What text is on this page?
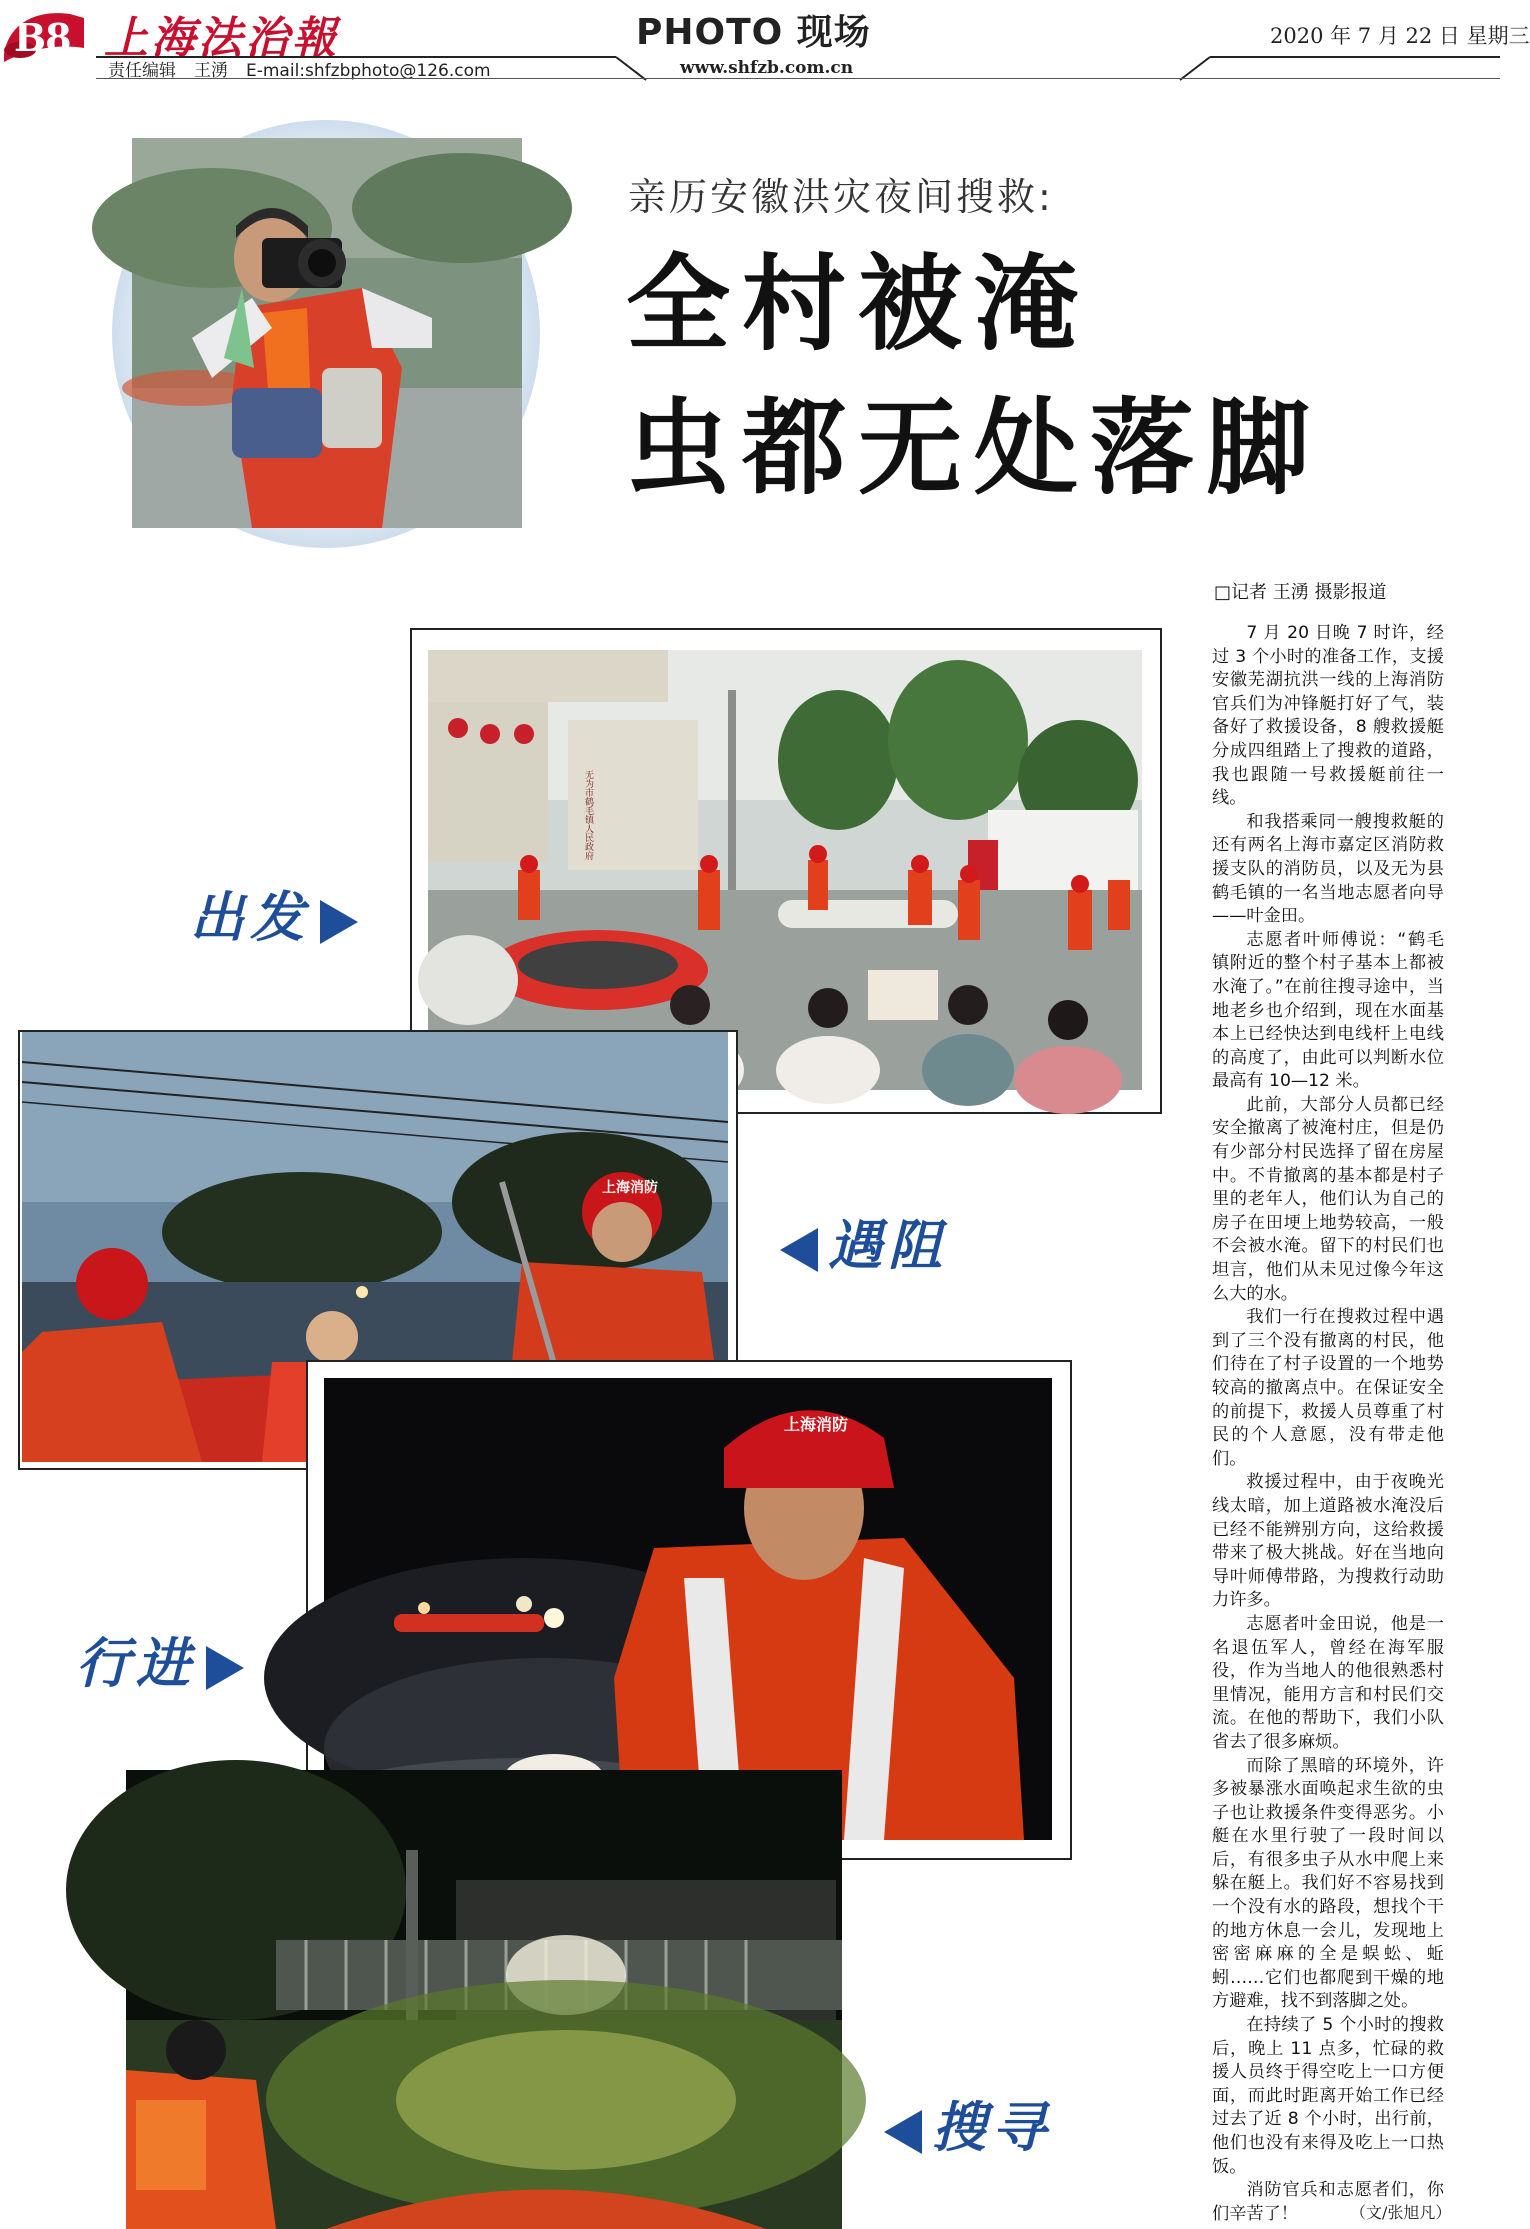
B8 上海法治報
责任编辑 王湧 E-mail:shfzbphoto@126.com
PHOTO 现场
www.shfzb.com.cn
2020 年 7 月 22 日 星期三
亲历安徽洪灾夜间搜救:
全村被淹
虫都无处落脚
无为市鹤毛镇人民政府
出发
上海消防
遇阻
上海消防
行进
搜寻
□记者 王湧 摄影报道

7 月 20 日晚 7 时许，经过 3 个小时的准备工作，支援安徽芜湖抗洪一线的上海消防官兵们为冲锋艇打好了气，装备好了救援设备，8 艘救援艇分成四组踏上了搜救的道路，我也跟随一号救援艇前往一线。

和我搭乘同一艘搜救艇的还有两名上海市嘉定区消防救援支队的消防员，以及无为县鹤毛镇的一名当地志愿者向导——叶金田。

志愿者叶师傅说：“鹤毛镇附近的整个村子基本上都被水淹了。”在前往搜寻途中，当地老乡也介绍到，现在水面基本上已经快达到电线杆上电线的高度了，由此可以判断水位最高有 10—12 米。

此前，大部分人员都已经安全撤离了被淹村庄，但是仍有少部分村民选择了留在房屋中。不肯撤离的基本都是村子里的老年人，他们认为自己的房子在田埂上地势较高，一般不会被水淹。留下的村民们也坦言，他们从未见过像今年这么大的水。

我们一行在搜救过程中遇到了三个没有撤离的村民，他们待在了村子设置的一个地势较高的撤离点中。在保证安全的前提下，救援人员尊重了村民的个人意愿，没有带走他们。

救援过程中，由于夜晚光线太暗，加上道路被水淹没后已经不能辨别方向，这给救援带来了极大挑战。好在当地向导叶师傅带路，为搜救行动助力许多。

志愿者叶金田说，他是一名退伍军人，曾经在海军服役，作为当地人的他很熟悉村里情况，能用方言和村民们交流。在他的帮助下，我们小队省去了很多麻烦。

而除了黑暗的环境外，许多被暴涨水面唤起求生欲的虫子也让救援条件变得恶劣。小艇在水里行驶了一段时间以后，有很多虫子从水中爬上来躲在艇上。我们好不容易找到一个没有水的路段，想找个干的地方休息一会儿，发现地上密密麻麻的全是蜈蚣、蚯蚓……它们也都爬到干燥的地方避难，找不到落脚之处。

在持续了 5 个小时的搜救后，晚上 11 点多，忙碌的救援人员终于得空吃上一口方便面，而此时距离开始工作已经过去了近 8 个小时，出行前，他们也没有来得及吃上一口热饭。

消防官兵和志愿者们，你们辛苦了！	（文/张旭凡）
